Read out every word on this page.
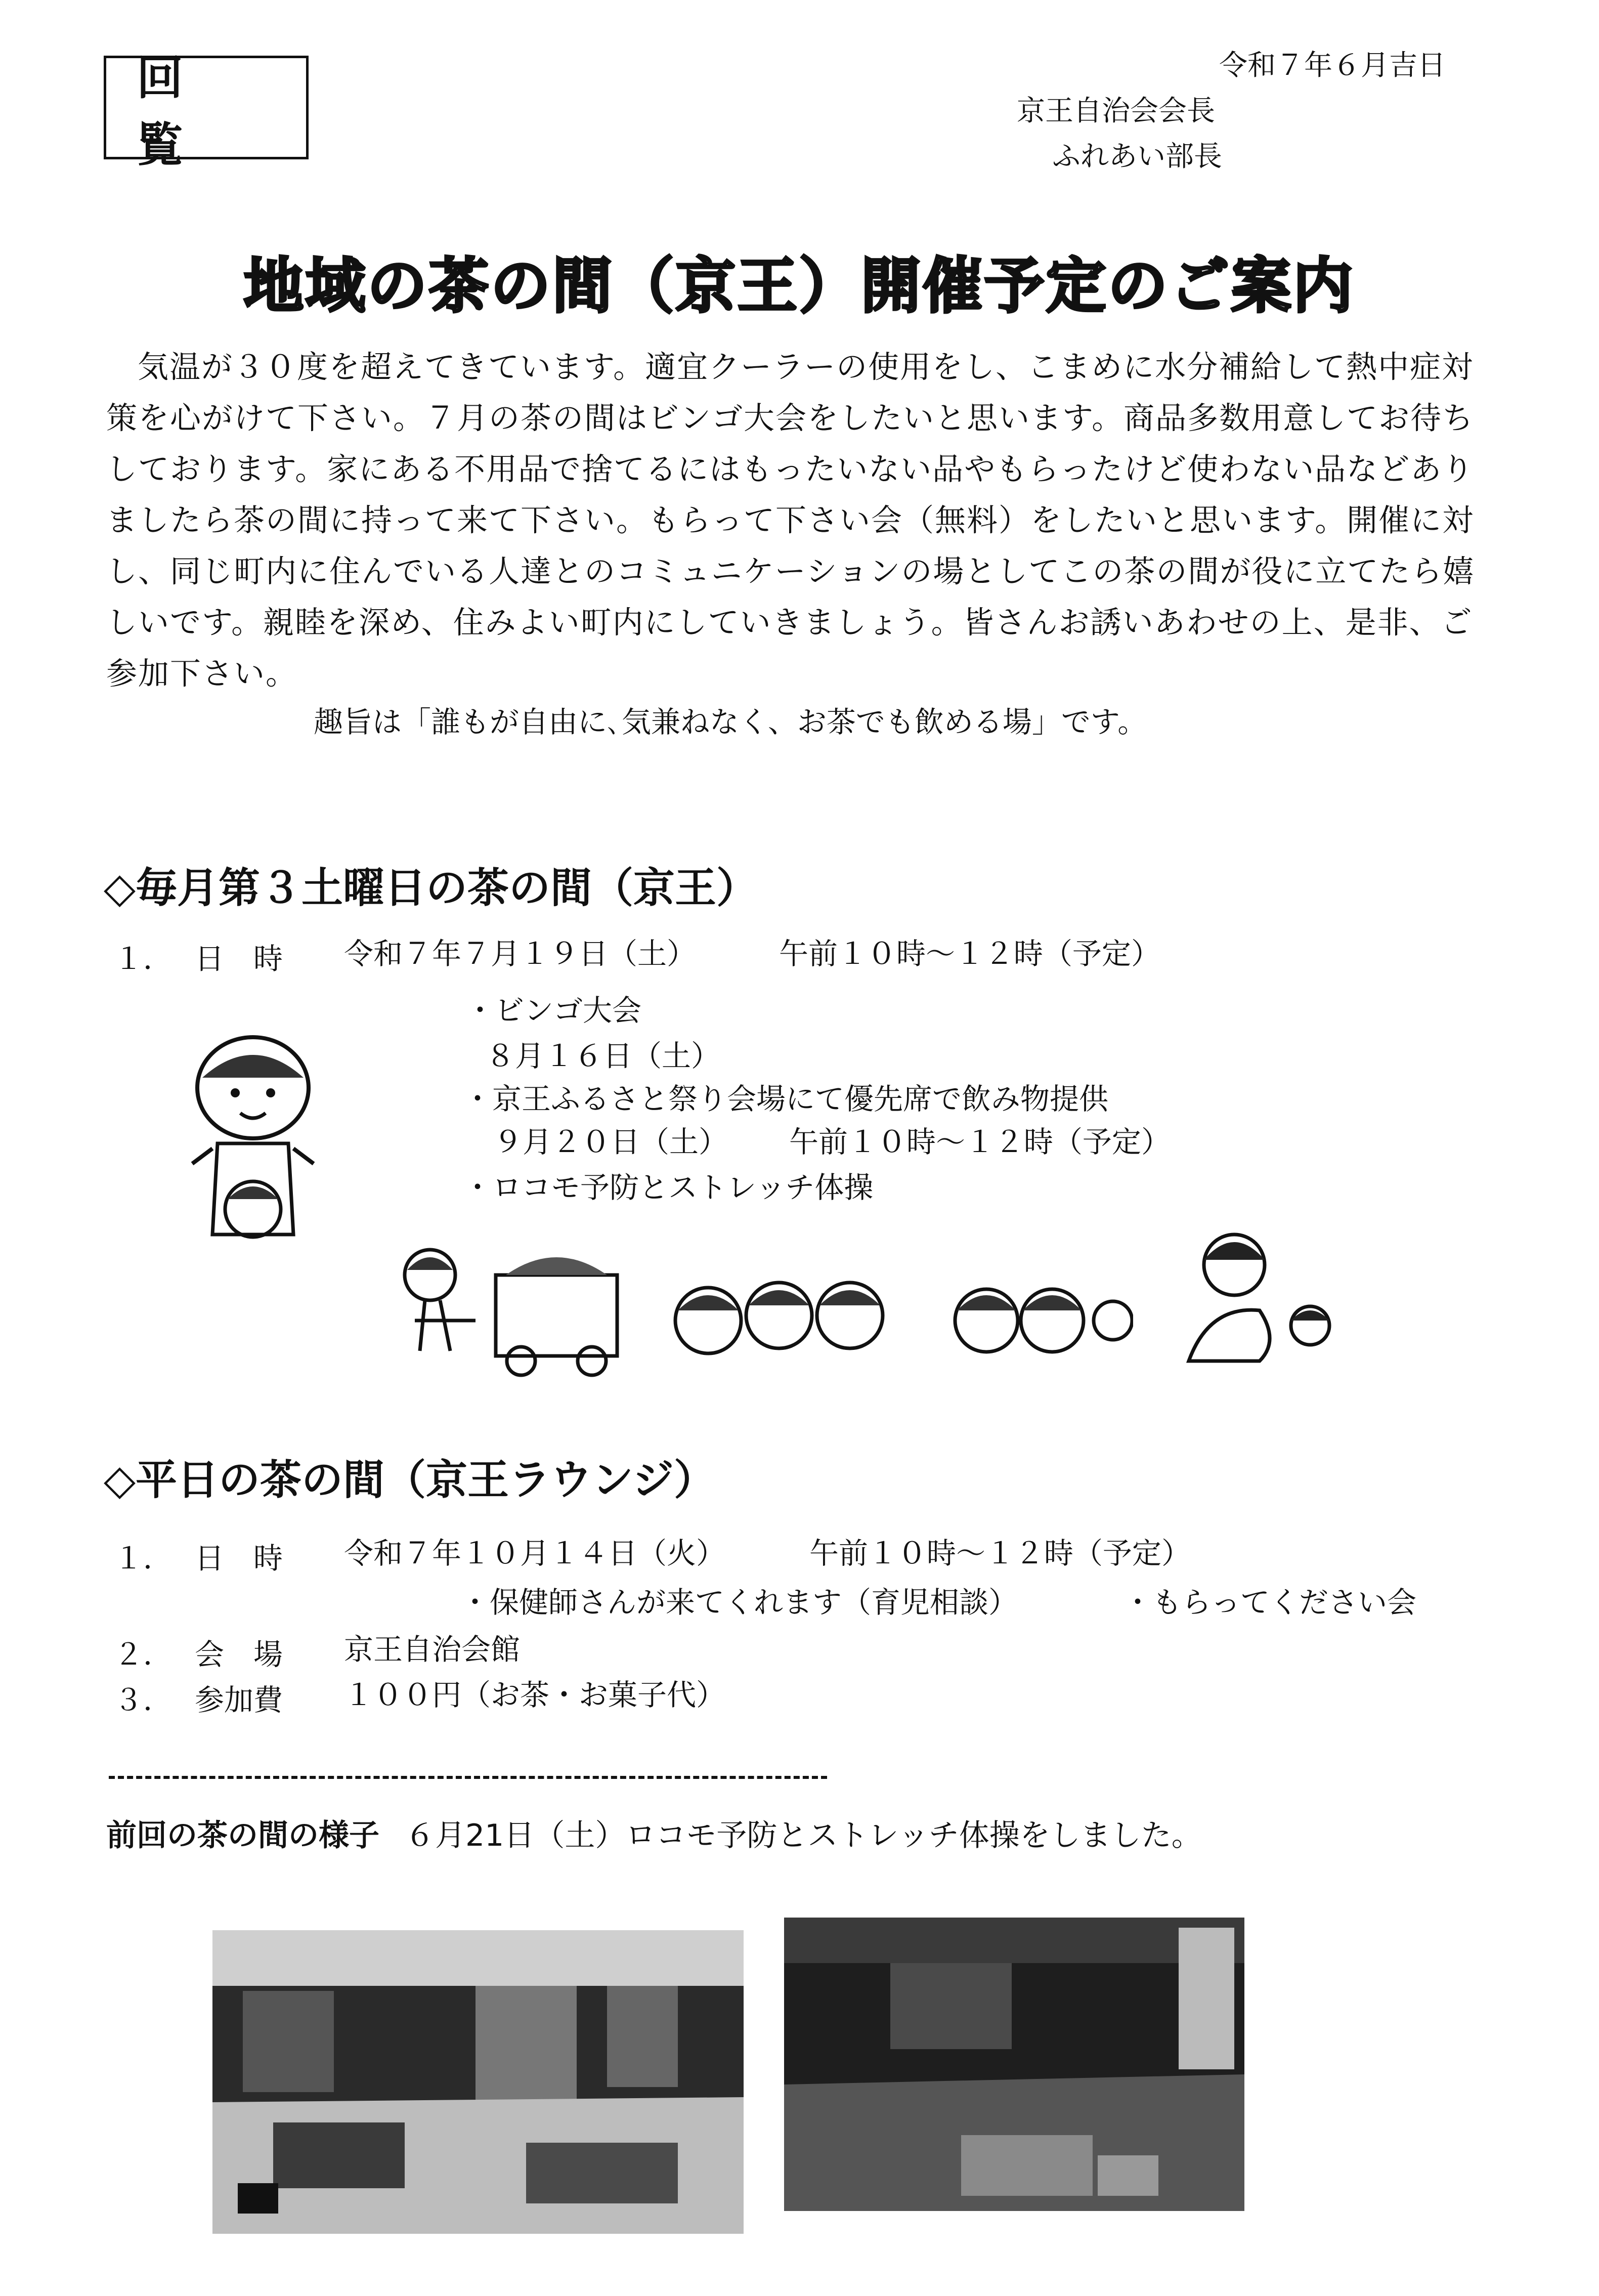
回　覧
令和７年６月吉日
京王自治会会長
ふれあい部長
地域の茶の間（京王）開催予定のご案内
気温が３０度を超えてきています。適宜クーラーの使用をし、こまめに水分補給して熱中症対策を心がけて下さい。７月の茶の間はビンゴ大会をしたいと思います。商品多数用意してお待ちしております。家にある不用品で捨てるにはもったいない品やもらったけど使わない品などありましたら茶の間に持って来て下さい。もらって下さい会（無料）をしたいと思います。開催に対し、同じ町内に住んでいる人達とのコミュニケーションの場としてこの茶の間が役に立てたら嬉しいです。親睦を深め、住みよい町内にしていきましょう。皆さんお誘いあわせの上、是非、ご参加下さい。
趣旨は「誰もが自由に､気兼ねなく、お茶でも飲める場」です。
◇毎月第３土曜日の茶の間（京王）
１． 日　時 令和７年７月１９日（土）	午前１０時～１２時（予定）
・ビンゴ大会
８月１６日（土）
・京王ふるさと祭り会場にて優先席で飲み物提供
９月２０日（土） 午前１０時～１２時（予定）
・ロコモ予防とストレッチ体操
◇平日の茶の間（京王ラウンジ）
１． 日　時 令和７年１０月１４日（火）	午前１０時～１２時（予定）
・保健師さんが来てくれます（育児相談）	・もらってください会
２． 会　場 京王自治会館
３． 参加費 １００円（お茶・お菓子代）
前回の茶の間の様子 ６月21日（土）ロコモ予防とストレッチ体操をしました。
